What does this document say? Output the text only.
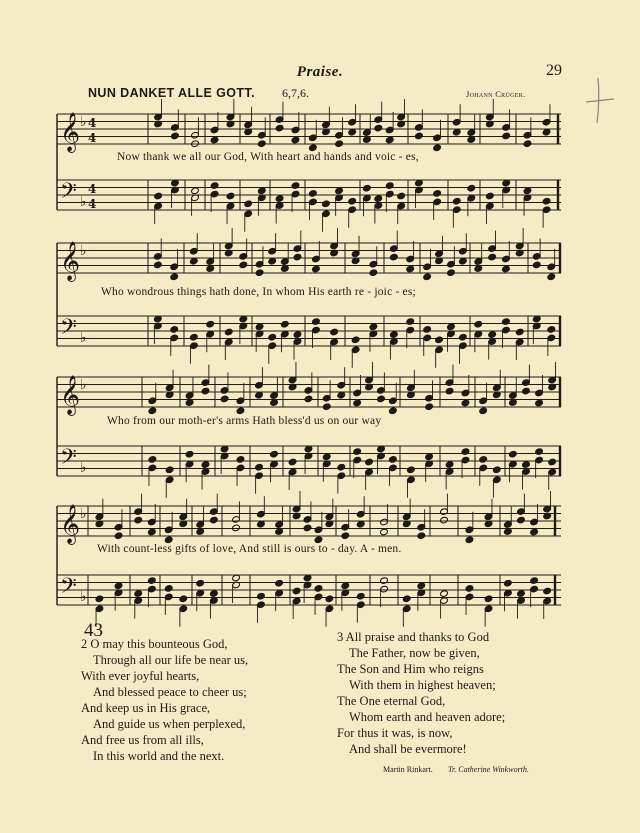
Praise.	29
NUN DANKET ALLE GOTT. 6,7,6.	Johann Crüger.
𝄞 ♭ 4
4
𝄢 ♭
4
4
𝄞 ♭
𝄢 ♭
𝄞 ♭
𝄢 ♭
𝄞 ♭
𝄢 ♭
Now thank we all our God, With heart and hands and voic - es,
Who wondrous things hath done, In whom His earth re - joic - es;
Who from our moth-er's arms Hath bless'd us on our way
With count-less gifts of love, And still is ours to - day. A - men.
43
2 O may this bounteous God,
Through all our life be near us,
With ever joyful hearts,
And blessed peace to cheer us;
And keep us in His grace,
And guide us when perplexed,
And free us from all ills,
In this world and the next.
3 All praise and thanks to God
The Father, now be given,
The Son and Him who reigns
With them in highest heaven;
The One eternal God,
Whom earth and heaven adore;
For thus it was, is now,
And shall be evermore!
Martin Rinkart. Tr. Catherine Winkworth.
